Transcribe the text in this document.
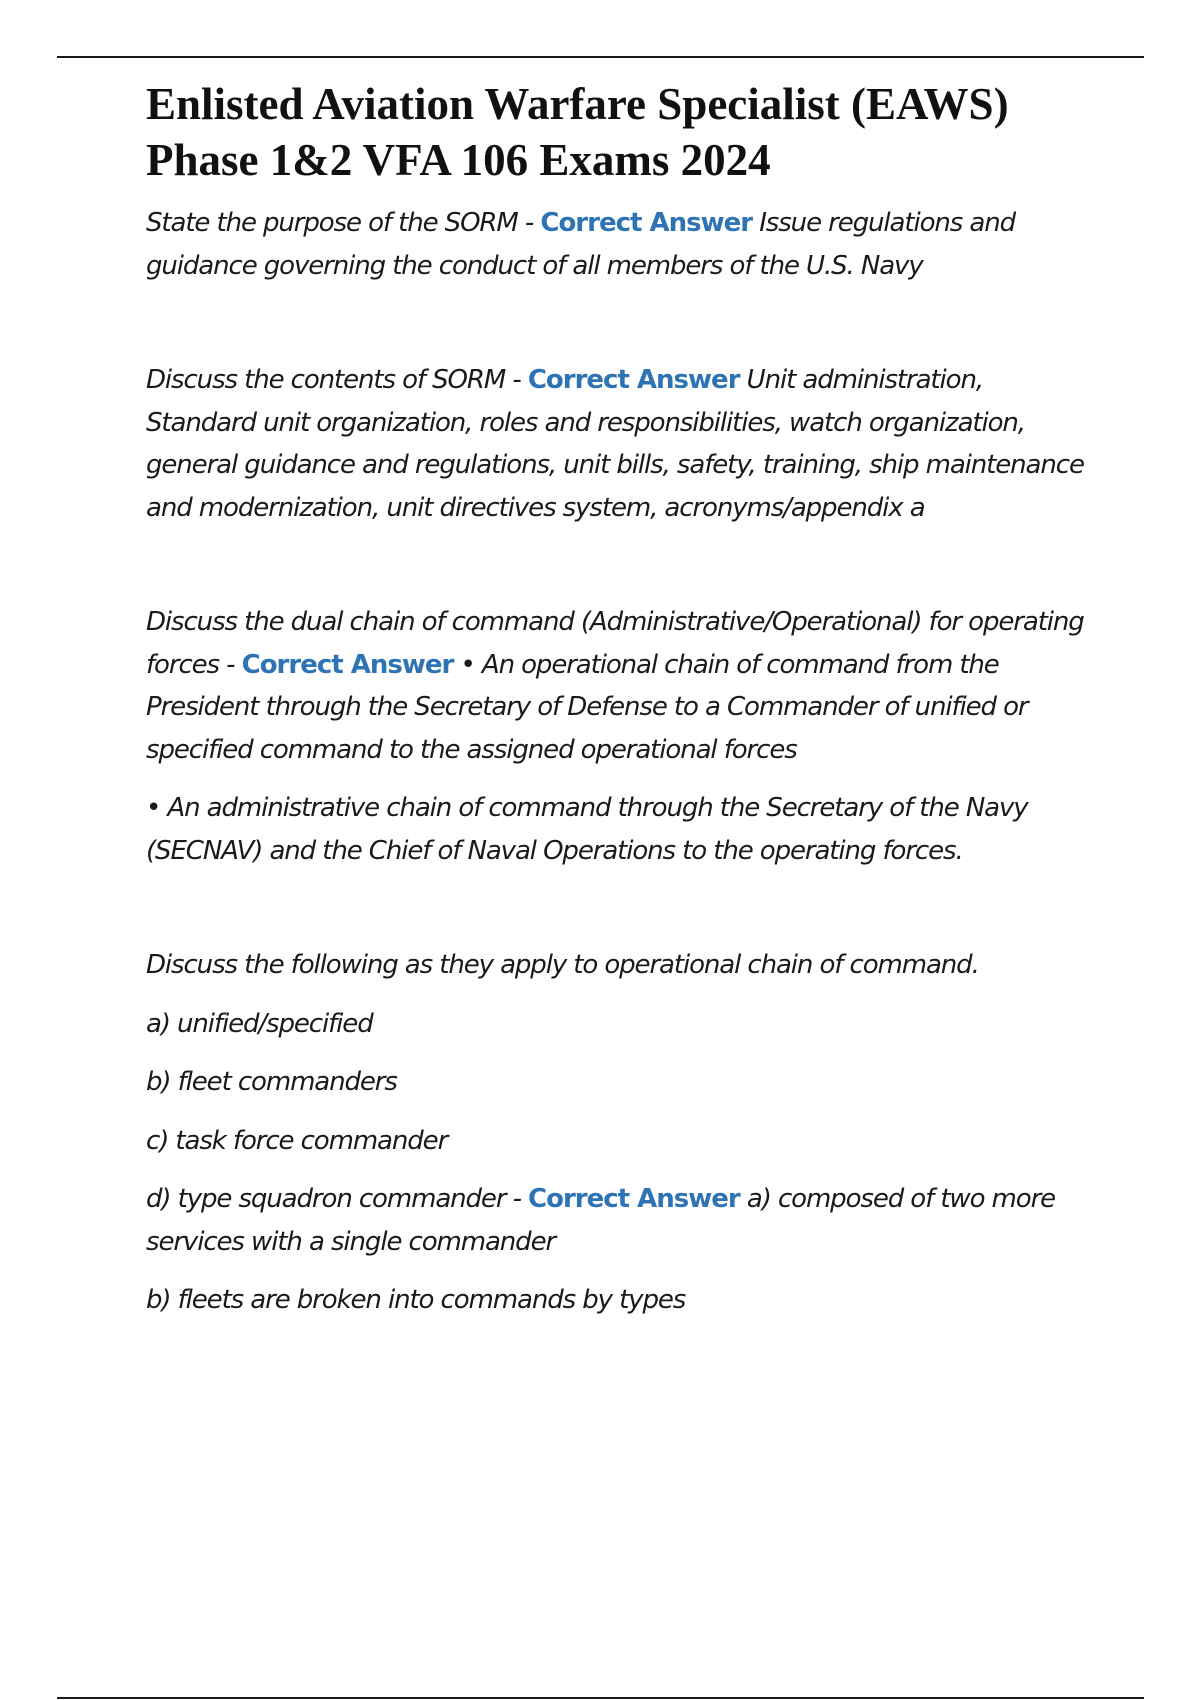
Enlisted Aviation Warfare Specialist (EAWS)
Phase 1&2 VFA 106 Exams 2024

State the purpose of the SORM - Correct Answer Issue regulations and guidance governing the conduct of all members of the U.S. Navy

Discuss the contents of SORM - Correct Answer Unit administration, Standard unit organization, roles and responsibilities, watch organization, general guidance and regulations, unit bills, safety, training, ship maintenance and modernization, unit directives system, acronyms/appendix a

Discuss the dual chain of command (Administrative/Operational) for operating forces - Correct Answer • An operational chain of command from the President through the Secretary of Defense to a Commander of unified or specified command to the assigned operational forces

• An administrative chain of command through the Secretary of the Navy (SECNAV) and the Chief of Naval Operations to the operating forces.

Discuss the following as they apply to operational chain of command.

a) unified/specified

b) fleet commanders

c) task force commander

d) type squadron commander - Correct Answer a) composed of two more services with a single commander

b) fleets are broken into commands by types
